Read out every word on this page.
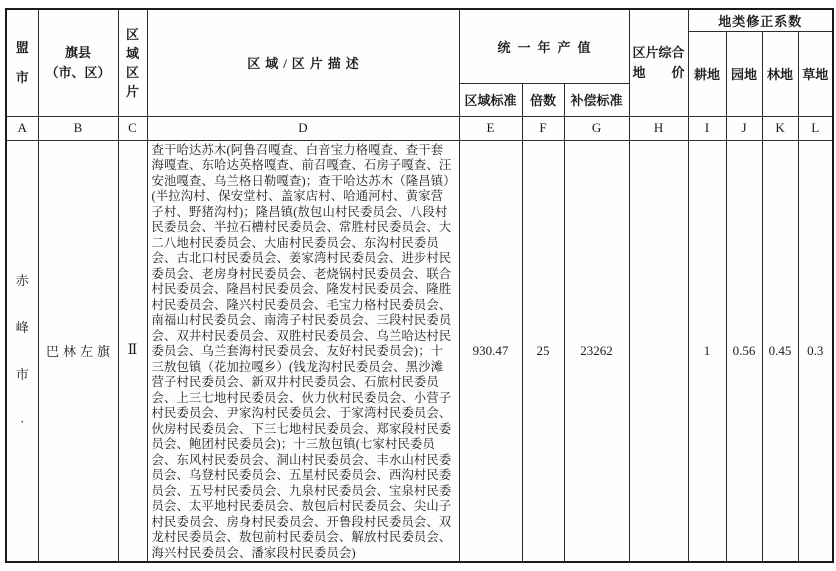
盟市

旗县
（市、区）

区域区片
	区域/区片描述	统一年产值	区片综合
地　　价
	地类修正系数
								耕地	园地	林地	草地
				区域标准	倍数	补偿标准					
A	B	C	D	E	F	G	H	I	J	K	L

赤峰市·	巴林左旗	Ⅱ	查干哈达苏木(阿鲁召嘎查、白音宝力格嘎查、查干套海嘎查、东哈达英格嘎查、前召嘎查、石房子嘎查、汪安池嘎查、乌兰格日勒嘎查)；查干哈达苏木（隆昌镇）(半拉沟村、保安堂村、盖家店村、哈通河村、黄家营子村、野猪沟村)；隆昌镇(敖包山村民委员会、八段村民委员会、半拉石槽村民委员会、常胜村民委员会、大二八地村民委员会、大庙村民委员会、东沟村民委员会、古北口村民委员会、姜家湾村民委员会、进步村民委员会、老房身村民委员会、老烧锅村民委员会、联合村民委员会、隆昌村民委员会、隆发村民委员会、隆胜村民委员会、隆兴村民委员会、毛宝力格村民委员会、南福山村民委员会、南湾子村民委员会、三段村民委员会、双井村民委员会、双胜村民委员会、乌兰哈达村民委员会、乌兰套海村民委员会、友好村民委员会)；十三敖包镇（花加拉嘎乡）(钱龙沟村民委员会、黑沙滩营子村民委员会、新双井村民委员会、石旅村民委员会、上三七地村民委员会、伙力伙村民委员会、小营子村民委员会、尹家沟村民委员会、于家湾村民委员会、伙房村民委员会、下三七地村民委员会、郑家段村民委员会、鲍团村民委员会)；十三敖包镇(七家村民委员会、东风村民委员会、洞山村民委员会、丰水山村民委员会、乌登村民委员会、五星村民委员会、西沟村民委员会、五号村民委员会、九泉村民委员会、宝泉村民委员会、太平地村民委员会、敖包后村民委员会、尖山子村民委员会、房身村民委员会、开鲁段村民委员会、双龙村民委员会、敖包前村民委员会、解放村民委员会、海兴村民委员会、潘家段村民委员会)	930.47	25	23262		1	0.56	0.45	0.3
